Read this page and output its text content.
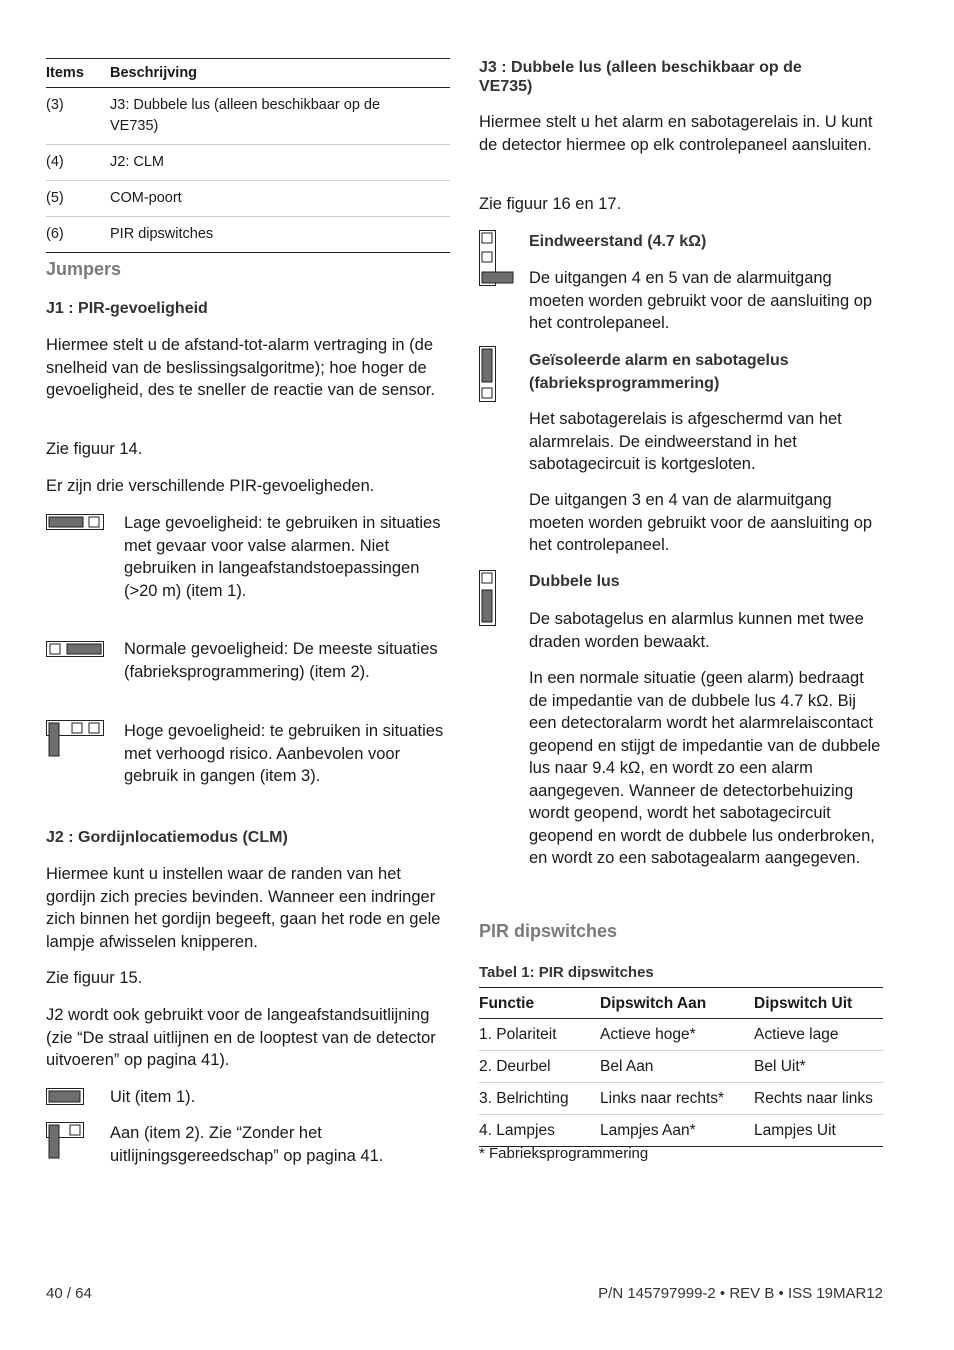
Items	Beschrijving
(3)	J3: Dubbele lus (alleen beschikbaar op de VE735)
(4)	J2: CLM
(5)	COM-poort
(6)	PIR dipswitches
Jumpers
J1 : PIR-gevoeligheid

Hiermee stelt u de afstand-tot-alarm vertraging in (de snelheid van de beslissingsalgoritme); hoe hoger de gevoeligheid, des te sneller de reactie van de sensor.

Zie figuur 14.

Er zijn drie verschillende PIR-gevoeligheden.

Lage gevoeligheid: te gebruiken in situaties met gevaar voor valse alarmen. Niet gebruiken in langeafstandstoepassingen (>20 m) (item 1).

Normale gevoeligheid: De meeste situaties (fabrieksprogrammering) (item 2).

Hoge gevoeligheid: te gebruiken in situaties met verhoogd risico. Aanbevolen voor gebruik in gangen (item 3).

J2 : Gordijnlocatiemodus (CLM)

Hiermee kunt u instellen waar de randen van het gordijn zich precies bevinden. Wanneer een indringer zich binnen het gordijn begeeft, gaan het rode en gele lampje afwisselen knipperen.

Zie figuur 15.

J2 wordt ook gebruikt voor de langeafstandsuitlijning (zie “De straal uitlijnen en de looptest van de detector uitvoeren” op pagina 41).

Uit (item 1).

Aan (item 2). Zie “Zonder het uitlijningsgereedschap” op pagina 41.

J3 : Dubbele lus (alleen beschikbaar op de VE735)

Hiermee stelt u het alarm en sabotagerelais in. U kunt de detector hiermee op elk controlepaneel aansluiten.

Zie figuur 16 en 17.

Eindweerstand (4.7 kΩ)

De uitgangen 4 en 5 van de alarmuitgang moeten worden gebruikt voor de aansluiting op het controlepaneel.

Geïsoleerde alarm en sabotagelus (fabrieksprogrammering)

Het sabotagerelais is afgeschermd van het alarmrelais. De eindweerstand in het sabotagecircuit is kortgesloten.

De uitgangen 3 en 4 van de alarmuitgang moeten worden gebruikt voor de aansluiting op het controlepaneel.

Dubbele lus

De sabotagelus en alarmlus kunnen met twee draden worden bewaakt.

In een normale situatie (geen alarm) bedraagt de impedantie van de dubbele lus 4.7 kΩ. Bij een detectoralarm wordt het alarmrelaiscontact geopend en stijgt de impedantie van de dubbele lus naar 9.4 kΩ, en wordt zo een alarm aangegeven. Wanneer de detectorbehuizing wordt geopend, wordt het sabotagecircuit geopend en wordt de dubbele lus onderbroken, en wordt zo een sabotagealarm aangegeven.

PIR dipswitches
Tabel 1: PIR dipswitches
Functie	Dipswitch Aan	Dipswitch Uit
1. Polariteit	Actieve hoge*	Actieve lage
2. Deurbel	Bel Aan	Bel Uit*
3. Belrichting	Links naar rechts*	Rechts naar links
4. Lampjes	Lampjes Aan*	Lampjes Uit
* Fabrieksprogrammering
40 / 64	P/N 145797999-2 • REV B • ISS 19MAR12
